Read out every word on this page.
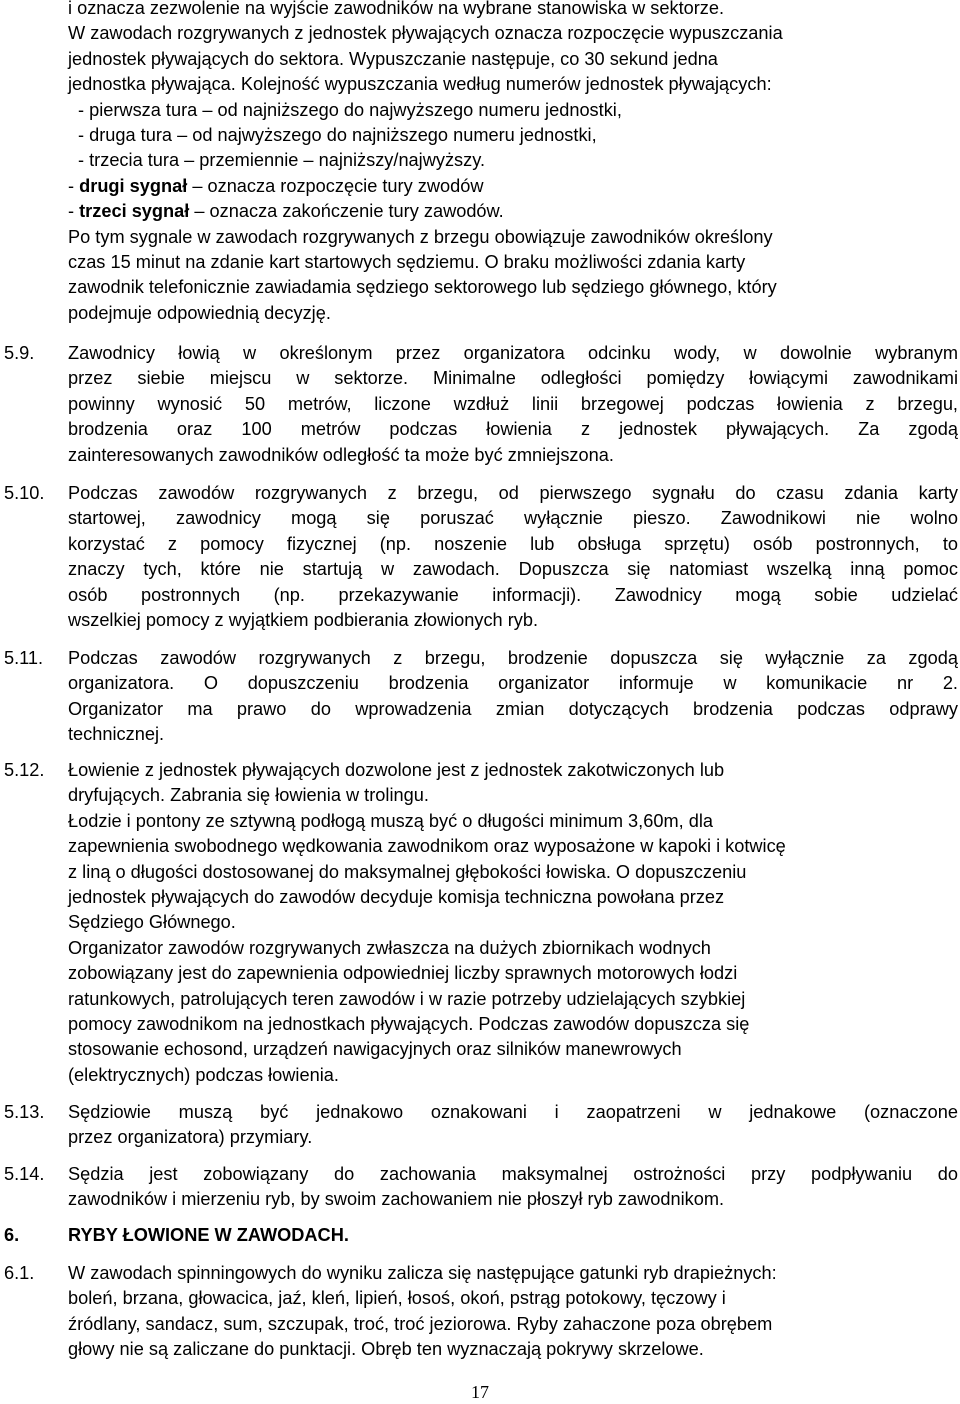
i oznacza zezwolenie na wyjście zawodników na wybrane stanowiska w sektorze.
W zawodach rozgrywanych z jednostek pływających oznacza rozpoczęcie wypuszczania
jednostek pływających do sektora. Wypuszczanie następuje, co 30 sekund jedna
jednostka pływająca. Kolejność wypuszczania według numerów jednostek pływających:
- pierwsza tura – od najniższego do najwyższego numeru jednostki,
- druga tura – od najwyższego do najniższego numeru jednostki,
- trzecia tura – przemiennie – najniższy/najwyższy.
- drugi sygnał – oznacza rozpoczęcie tury zwodów
- trzeci sygnał – oznacza zakończenie tury zawodów.
Po tym sygnale w zawodach rozgrywanych z brzegu obowiązuje zawodników określony
czas 15 minut na zdanie kart startowych sędziemu. O braku możliwości zdania karty
zawodnik telefonicznie zawiadamia sędziego sektorowego lub sędziego głównego, który
podejmuje odpowiednią decyzję.
5.9. Zawodnicy łowią w określonym przez organizatora odcinku wody, w dowolnie wybranym
przez siebie miejscu w sektorze. Minimalne odległości pomiędzy łowiącymi zawodnikami
powinny wynosić 50 metrów, liczone wzdłuż linii brzegowej podczas łowienia z brzegu,
brodzenia oraz 100 metrów podczas łowienia z jednostek pływających. Za zgodą
zainteresowanych zawodników odległość ta może być zmniejszona.
5.10. Podczas zawodów rozgrywanych z brzegu, od pierwszego sygnału do czasu zdania karty
startowej, zawodnicy mogą się poruszać wyłącznie pieszo. Zawodnikowi nie wolno
korzystać z pomocy fizycznej (np. noszenie lub obsługa sprzętu) osób postronnych, to
znaczy tych, które nie startują w zawodach. Dopuszcza się natomiast wszelką inną pomoc
osób postronnych (np. przekazywanie informacji). Zawodnicy mogą sobie udzielać
wszelkiej pomocy z wyjątkiem podbierania złowionych ryb.
5.11. Podczas zawodów rozgrywanych z brzegu, brodzenie dopuszcza się wyłącznie za zgodą
organizatora. O dopuszczeniu brodzenia organizator informuje w komunikacie nr 2.
Organizator ma prawo do wprowadzenia zmian dotyczących brodzenia podczas odprawy
technicznej.
5.12. Łowienie z jednostek pływających dozwolone jest z jednostek zakotwiczonych lub
dryfujących. Zabrania się łowienia w trolingu.
Łodzie i pontony ze sztywną podłogą muszą być o długości minimum 3,60m, dla
zapewnienia swobodnego wędkowania zawodnikom oraz wyposażone w kapoki i kotwicę
z liną o długości dostosowanej do maksymalnej głębokości łowiska. O dopuszczeniu
jednostek pływających do zawodów decyduje komisja techniczna powołana przez
Sędziego Głównego.
Organizator zawodów rozgrywanych zwłaszcza na dużych zbiornikach wodnych
zobowiązany jest do zapewnienia odpowiedniej liczby sprawnych motorowych łodzi
ratunkowych, patrolujących teren zawodów i w razie potrzeby udzielających szybkiej
pomocy zawodnikom na jednostkach pływających. Podczas zawodów dopuszcza się
stosowanie echosond, urządzeń nawigacyjnych oraz silników manewrowych
(elektrycznych) podczas łowienia.
5.13. Sędziowie muszą być jednakowo oznakowani i zaopatrzeni w jednakowe (oznaczone
przez organizatora) przymiary.
5.14. Sędzia jest zobowiązany do zachowania maksymalnej ostrożności przy podpływaniu do
zawodników i mierzeniu ryb, by swoim zachowaniem nie płoszył ryb zawodnikom.
6.	RYBY ŁOWIONE W ZAWODACH.
6.1. W zawodach spinningowych do wyniku zalicza się następujące gatunki ryb drapieżnych:
boleń, brzana, głowacica, jaź, kleń, lipień, łosoś, okoń, pstrąg potokowy, tęczowy i
źródlany, sandacz, sum, szczupak, troć, troć jeziorowa. Ryby zahaczone poza obrębem
głowy nie są zaliczane do punktacji. Obręb ten wyznaczają pokrywy skrzelowe.
17
